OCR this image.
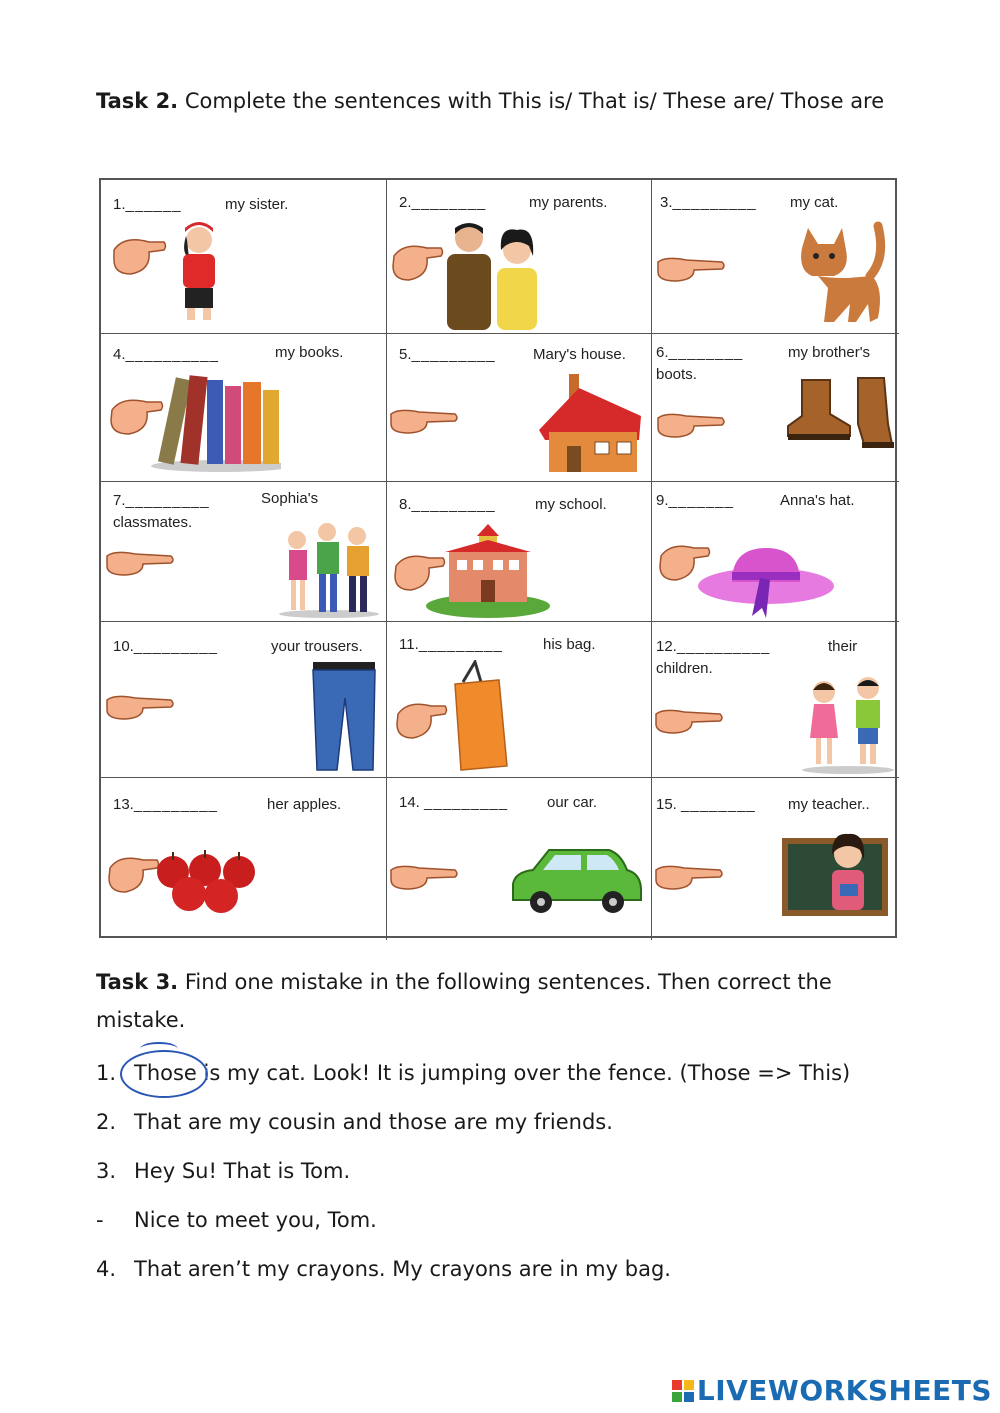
Task 2. Complete the sentences with This is/ That is/ These are/ Those are
1.______	my sister.	2.________	my parents.	3._________ my cat.
4.__________	my books.	5._________ Mary's house. 6.________	my brother's
boots.
7._________	Sophia's
classmates.
8._________	my school.	9._______	Anna's hat.
10._________	your trousers. 11._________	his bag.	12.__________	their
children.
13._________	her apples.	14. _________	our car.	15. ________ my teacher..
Task 3. Find one mistake in the following sentences. Then correct the mistake.
1. Those is my cat. Look! It is jumping over the fence. (Those => This)
2. That are my cousin and those are my friends.
3. Hey Su! That is Tom.
- Nice to meet you, Tom.
4. That aren’t my crayons. My crayons are in my bag.
LIVEWORKSHEETS
